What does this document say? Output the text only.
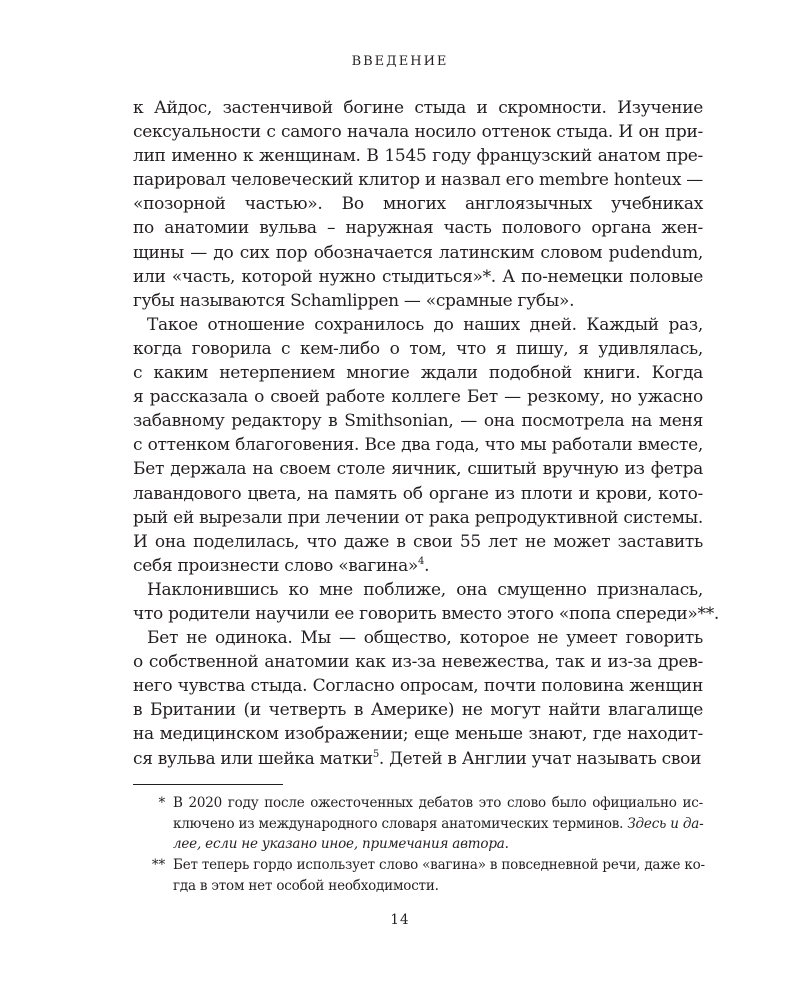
ВВЕДЕНИЕ
к Айдос, застенчивой богине стыда и скромности. Изучение
сексуальности с самого начала носило оттенок стыда. И он при-
лип именно к женщинам. В 1545 году французский анатом пре-
парировал человеческий клитор и назвал его membre honteux —
«позорной частью». Во многих англоязычных учебниках
по анатомии вульва – наружная часть полового органа жен-
щины — до сих пор обозначается латинским словом pudendum,
или «часть, которой нужно стыдиться»*. А по-немецки половые
губы называются Schamlippen — «срамные губы».
Такое отношение сохранилось до наших дней. Каждый раз,
когда говорила с кем-либо о том, что я пишу, я удивлялась,
с каким нетерпением многие ждали подобной книги. Когда
я рассказала о своей работе коллеге Бет — резкому, но ужасно
забавному редактору в Smithsonian, — она посмотрела на меня
с оттенком благоговения. Все два года, что мы работали вместе,
Бет держала на своем столе яичник, сшитый вручную из фетра
лавандового цвета, на память об органе из плоти и крови, кото-
рый ей вырезали при лечении от рака репродуктивной системы.
И она поделилась, что даже в свои 55 лет не может заставить
себя произнести слово «вагина»$^4$.
Наклонившись ко мне поближе, она смущенно призналась,
что родители научили ее говорить вместо этого «попа спереди»**.
Бет не одинока. Мы — общество, которое не умеет говорить
о собственной анатомии как из-за невежества, так и из-за древ-
него чувства стыда. Согласно опросам, почти половина женщин
в Британии (и четверть в Америке) не могут найти влагалище
на медицинском изображении; еще меньше знают, где находит-
ся вульва или шейка матки$^5$. Детей в Англии учат называть свои
* В 2020 году после ожесточенных дебатов это слово было официально ис-
ключено из международного словаря анатомических терминов. Здесь и да-
лее, если не указано иное, примечания автора.
** Бет теперь гордо использует слово «вагина» в повседневной речи, даже ко-
гда в этом нет особой необходимости.
14
